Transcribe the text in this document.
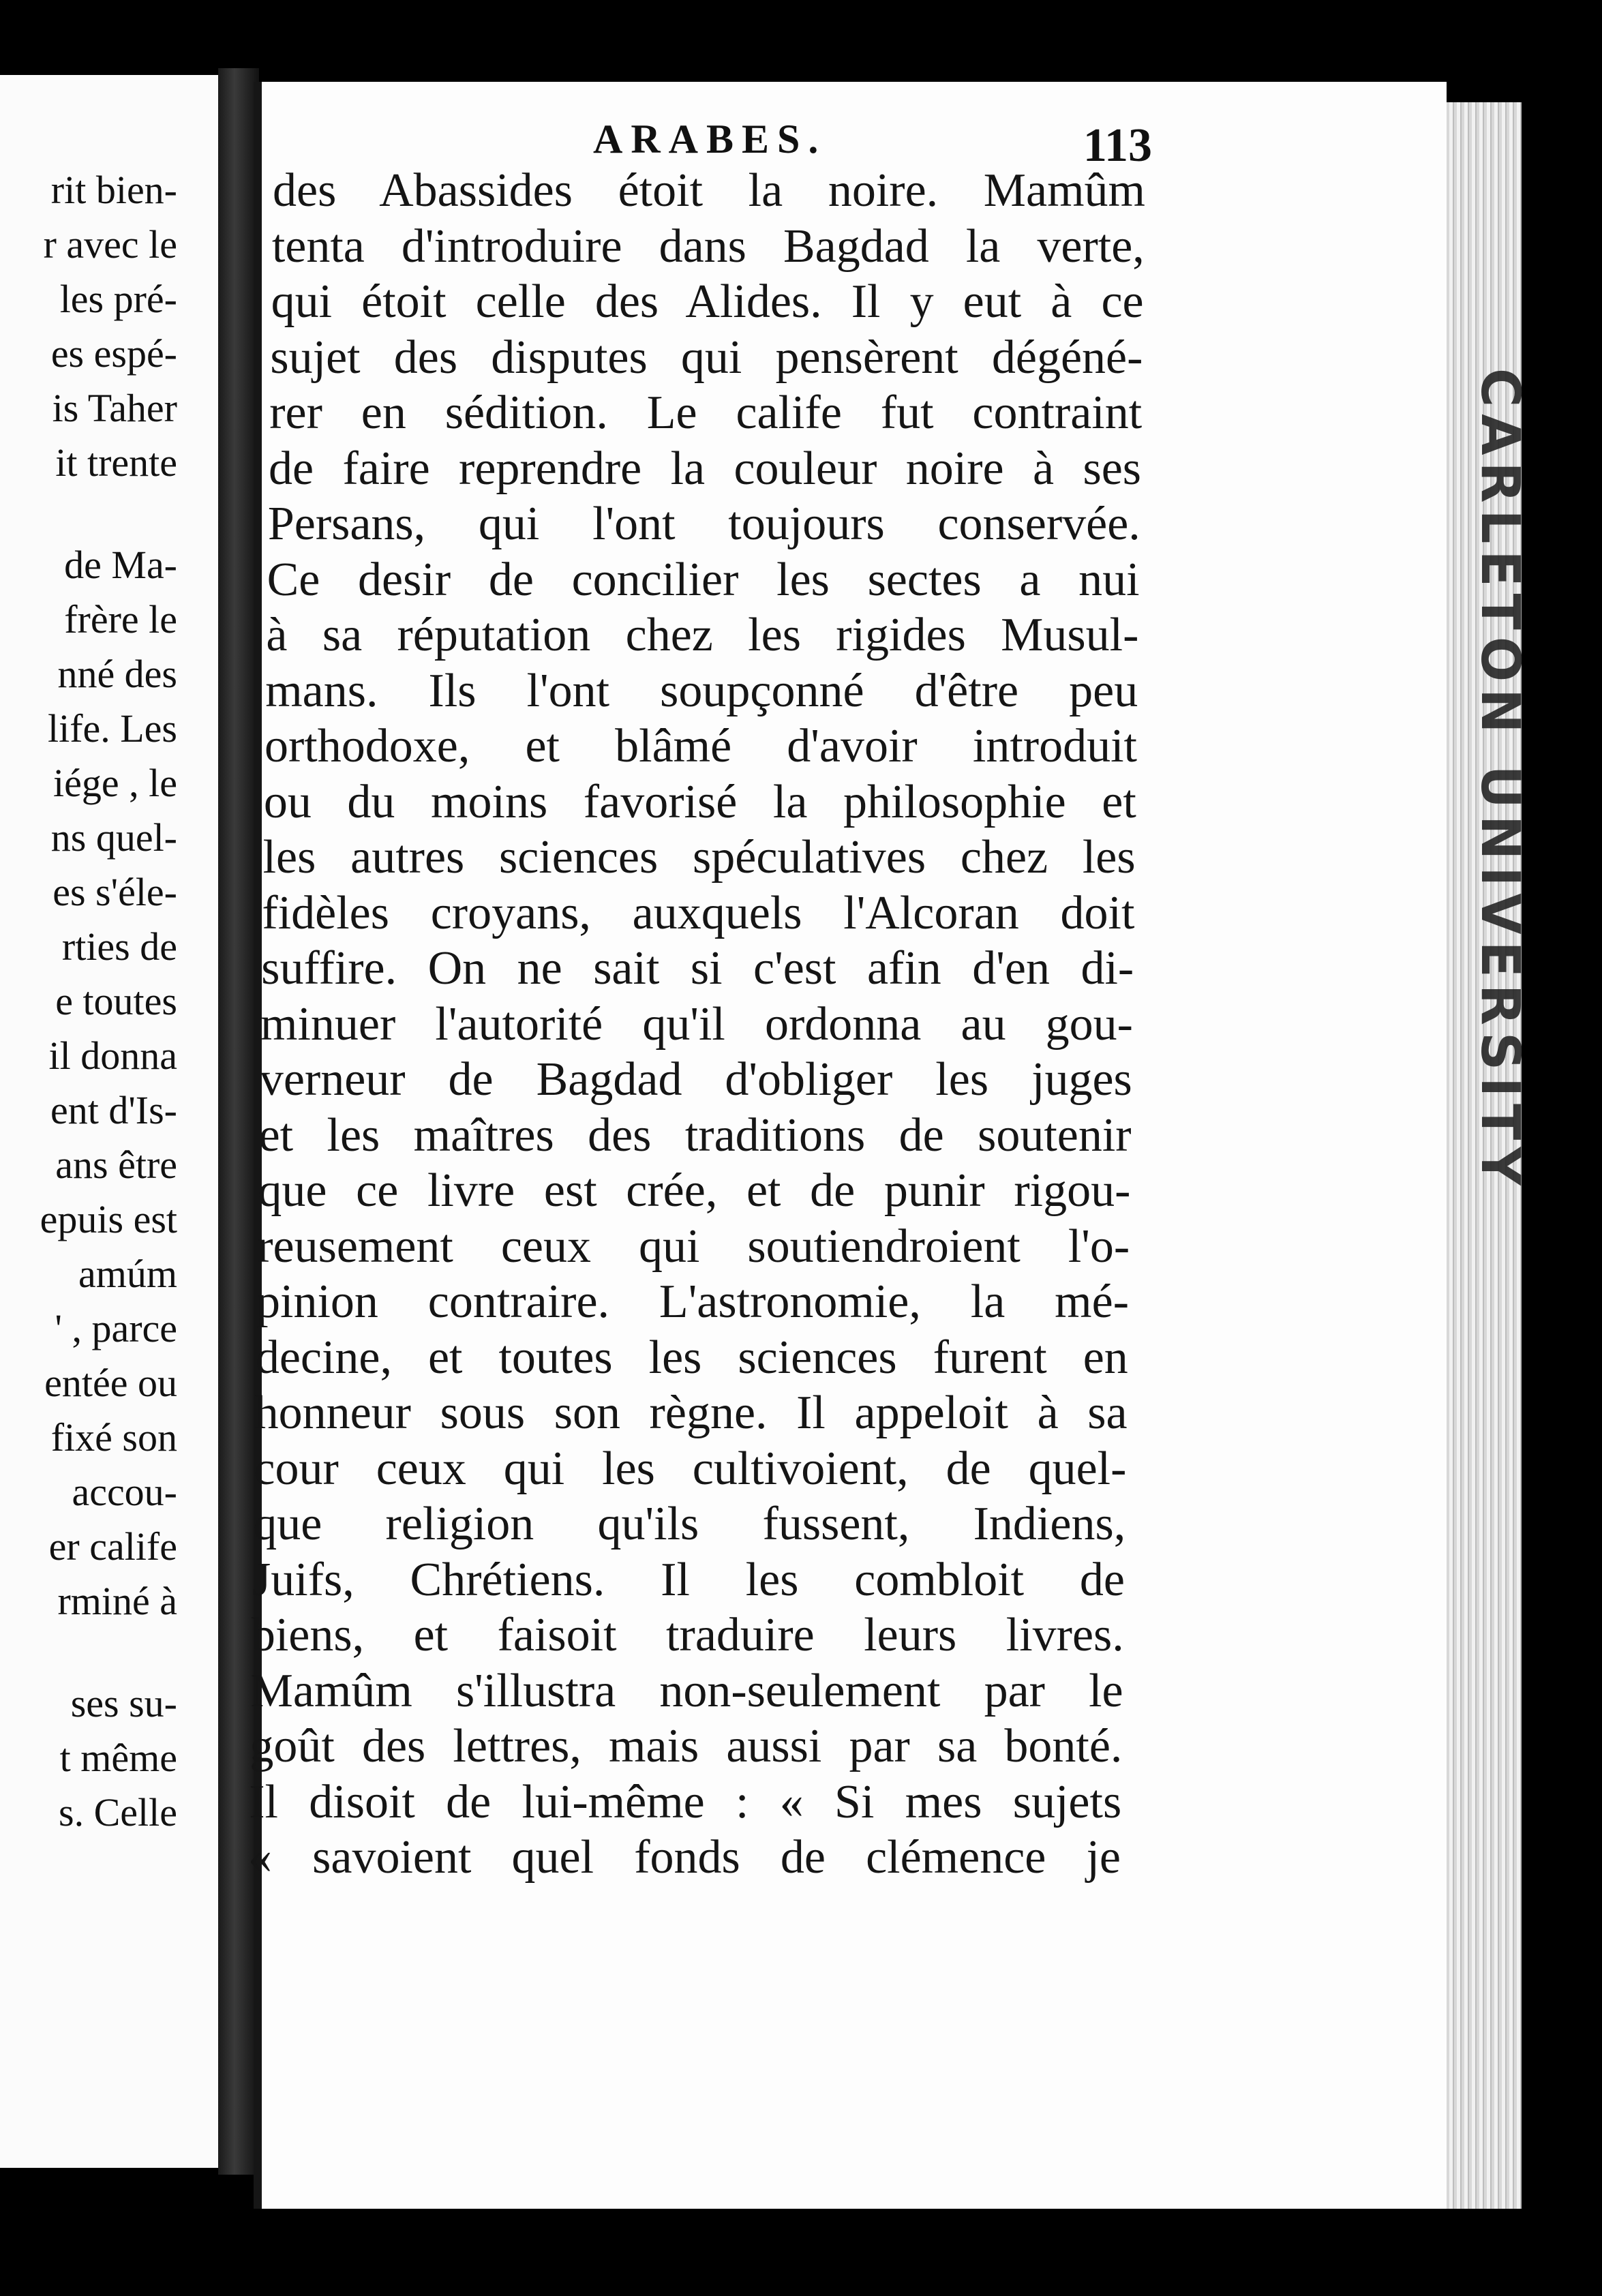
rit bien-
r avec le
les pré-
es espé-
is Taher
it trente
de Ma-
frère le
nné des
life. Les
iége , le
ns quel-
es s'éle-
rties de
e toutes
il donna
ent d'Is-
ans être
epuis est
amúm
' , parce
entée ou
fixé son
accou-
er calife
rminé à
ses su-
t même
s. Celle
ARABES.	113
des Abassides étoit la noire. Mamûm
tenta d'introduire dans Bagdad la verte,
qui étoit celle des Alides. Il y eut à ce
sujet des disputes qui pensèrent dégéné-
rer en sédition. Le calife fut contraint
de faire reprendre la couleur noire à ses
Persans, qui l'ont toujours conservée.
Ce desir de concilier les sectes a nui
à sa réputation chez les rigides Musul-
mans. Ils l'ont soupçonné d'être peu
orthodoxe, et blâmé d'avoir introduit
ou du moins favorisé la philosophie et
les autres sciences spéculatives chez les
fidèles croyans, auxquels l'Alcoran doit
suffire. On ne sait si c'est afin d'en di-
minuer l'autorité qu'il ordonna au gou-
verneur de Bagdad d'obliger les juges
et les maîtres des traditions de soutenir
que ce livre est crée, et de punir rigou-
reusement ceux qui soutiendroient l'o-
pinion contraire. L'astronomie, la mé-
decine, et toutes les sciences furent en
honneur sous son règne. Il appeloit à sa
cour ceux qui les cultivoient, de quel-
que religion qu'ils fussent, Indiens,
Juifs, Chrétiens. Il les combloit de
biens, et faisoit traduire leurs livres.
Mamûm s'illustra non-seulement par le
goût des lettres, mais aussi par sa bonté.
Il disoit de lui-même : « Si mes sujets
« savoient quel fonds de clémence je
CARLETON UNIVERSITY
